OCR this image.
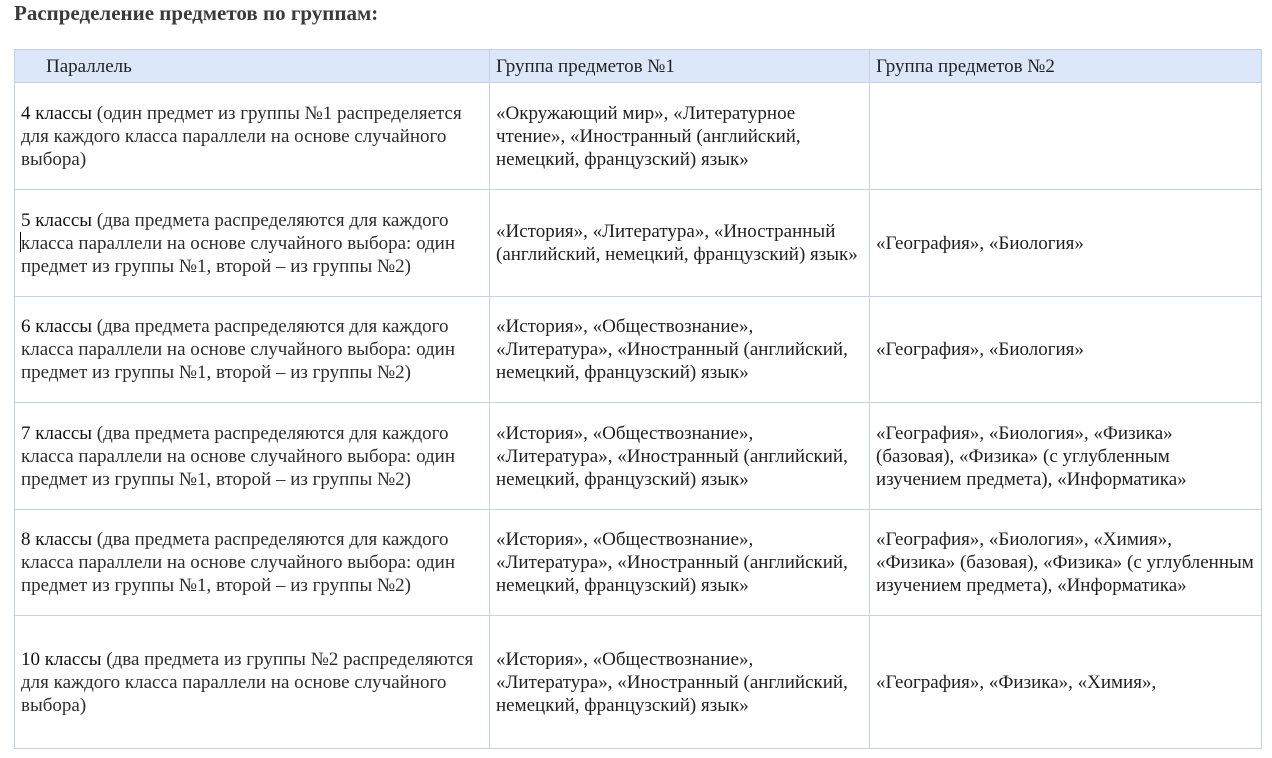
Распределение предметов по группам:
Параллель	Группа предметов №1	Группа предметов №2
4 классы (один предмет из группы №1 распределяется для каждого класса параллели на основе случайного выбора)	«Окружающий мир», «Литературное чтение», «Иностранный (английский, немецкий, французский) язык»	
5 классы (два предмета распределяются для каждого класса параллели на основе случайного выбора: один предмет из группы №1, второй – из группы №2)	«История», «Литература», «Иностранный (английский, немецкий, французский) язык»	«География», «Биология»
6 классы (два предмета распределяются для каждого класса параллели на основе случайного выбора: один предмет из группы №1, второй – из группы №2)	«История», «Обществознание», «Литература», «Иностранный (английский, немецкий, французский) язык»	«География», «Биология»
7 классы (два предмета распределяются для каждого класса параллели на основе случайного выбора: один предмет из группы №1, второй – из группы №2)	«История», «Обществознание», «Литература», «Иностранный (английский, немецкий, французский) язык»	«География», «Биология», «Физика» (базовая), «Физика» (с углубленным изучением предмета), «Информатика»
8 классы (два предмета распределяются для каждого класса параллели на основе случайного выбора: один предмет из группы №1, второй – из группы №2)	«История», «Обществознание», «Литература», «Иностранный (английский, немецкий, французский) язык»	«География», «Биология», «Химия», «Физика» (базовая), «Физика» (с углубленным изучением предмета), «Информатика»
10 классы (два предмета из группы №2 распределяются для каждого класса параллели на основе случайного выбора)	«История», «Обществознание», «Литература», «Иностранный (английский, немецкий, французский) язык»	«География», «Физика», «Химия»,
